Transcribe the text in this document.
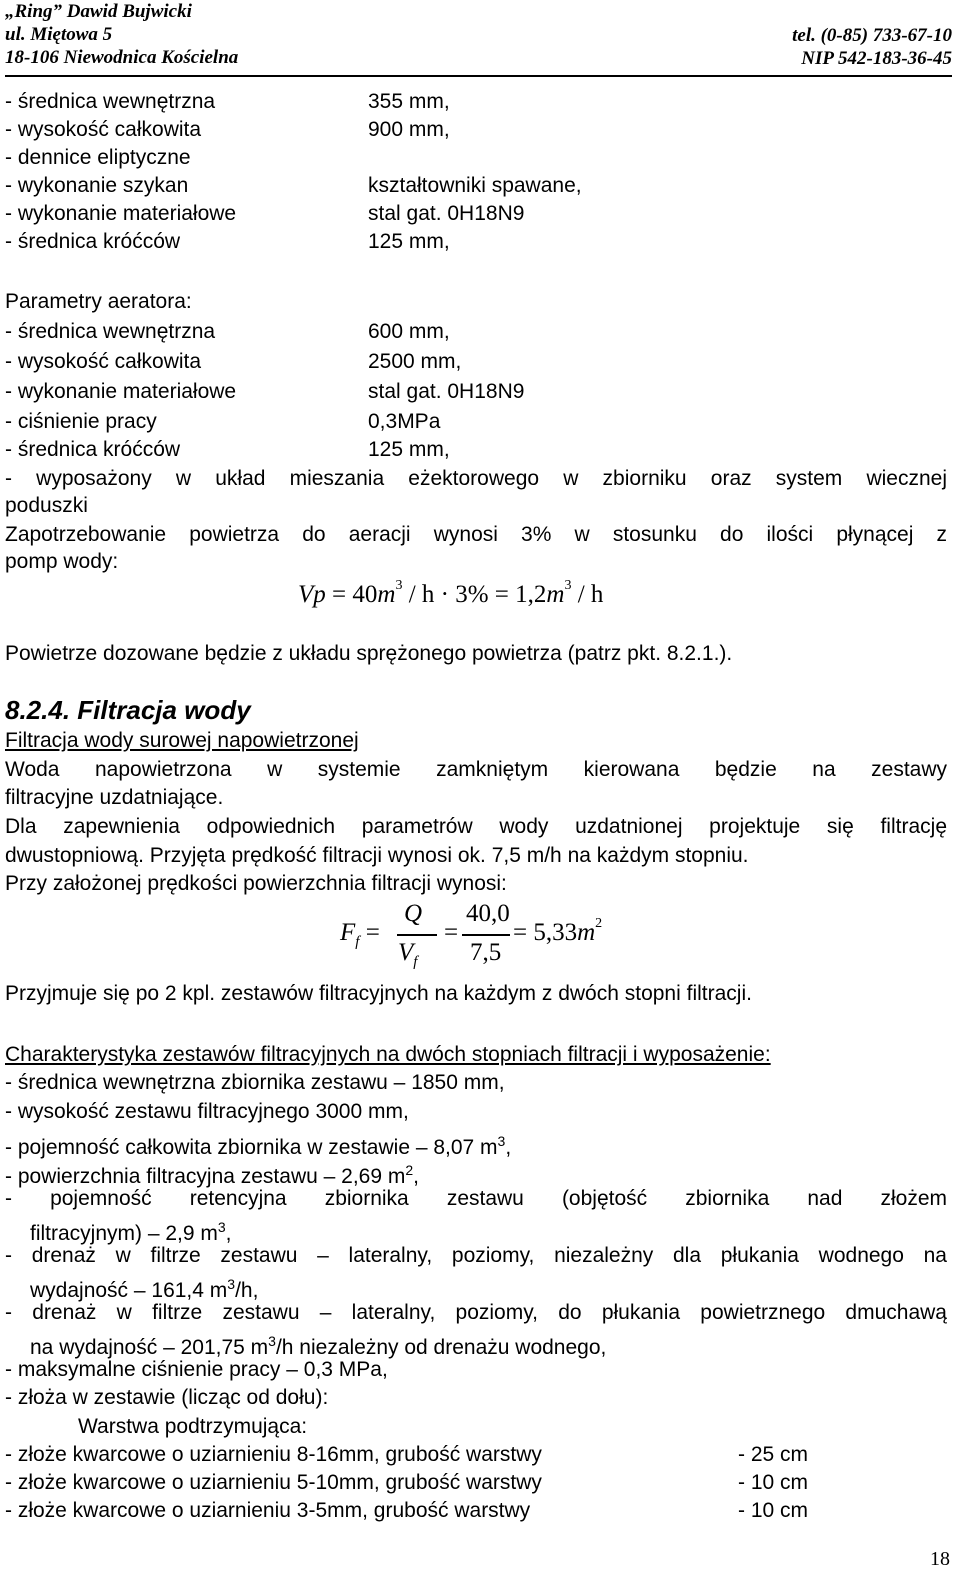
„Ring” Dawid Bujwicki
ul. Miętowa 5
18-106 Niewodnica Kościelna
tel. (0-85) 733-67-10
NIP 542-183-36-45
- średnica wewnętrzna	355 mm,
- wysokość całkowita	900 mm,
- dennice eliptyczne
- wykonanie szykan	kształtowniki spawane,
- wykonanie materiałowe	stal gat. 0H18N9
- średnica króćców	125 mm,
Parametry aeratora:
- średnica wewnętrzna	600 mm,
- wysokość całkowita	2500 mm,
- wykonanie materiałowe	stal gat. 0H18N9
- ciśnienie pracy	0,3MPa
- średnica króćców	125 mm,
- wyposażony w układ mieszania eżektorowego w zbiorniku oraz system wiecznej
poduszki
Zapotrzebowanie powietrza do aeracji wynosi 3% w stosunku do ilości płynącej z
pomp wody:
$Vp = 40m^3 / h \cdot 3\% = 1,2m^3 / h$
Powietrze dozowane będzie z układu sprężonego powietrza (patrz pkt. 8.2.1.).
8.2.4. Filtracja wody
Filtracja wody surowej napowietrzonej
Woda napowietrzona w systemie zamkniętym kierowana będzie na zestawy
filtracyjne uzdatniające.
Dla zapewnienia odpowiednich parametrów wody uzdatnionej projektuje się filtrację
dwustopniową. Przyjęta prędkość filtracji wynosi ok. 7,5 m/h na każdym stopniu.
Przy założonej prędkości powierzchnia filtracji wynosi:
$F_f$ =
Q
$V_f$
=
40,0
7,5
= $5,33m^2$
Przyjmuje się po 2 kpl. zestawów filtracyjnych na każdym z dwóch stopni filtracji.
Charakterystyka zestawów filtracyjnych na dwóch stopniach filtracji i wyposażenie:
- średnica wewnętrzna zbiornika zestawu – 1850 mm,
- wysokość zestawu filtracyjnego 3000 mm,
- pojemność całkowita zbiornika w zestawie – 8,07 $m^3$,
- powierzchnia filtracyjna zestawu – 2,69 $m^2$,
- pojemność retencyjna zbiornika zestawu (objętość zbiornika nad złożem
filtracyjnym) – 2,9 $m^3$,
- drenaż w filtrze zestawu – lateralny, poziomy, niezależny dla płukania wodnego na
wydajność – 161,4 $m^3/h$,
- drenaż w filtrze zestawu – lateralny, poziomy, do płukania powietrznego dmuchawą
na wydajność – 201,75 $m^3/h$ niezależny od drenażu wodnego,
- maksymalne ciśnienie pracy – 0,3 MPa,
- złoża w zestawie (licząc od dołu):
Warstwa podtrzymująca:
- złoże kwarcowe o uziarnieniu 8-16mm, grubość warstwy	- 25 cm
- złoże kwarcowe o uziarnieniu 5-10mm, grubość warstwy	- 10 cm
- złoże kwarcowe o uziarnieniu 3-5mm, grubość warstwy	- 10 cm
18
